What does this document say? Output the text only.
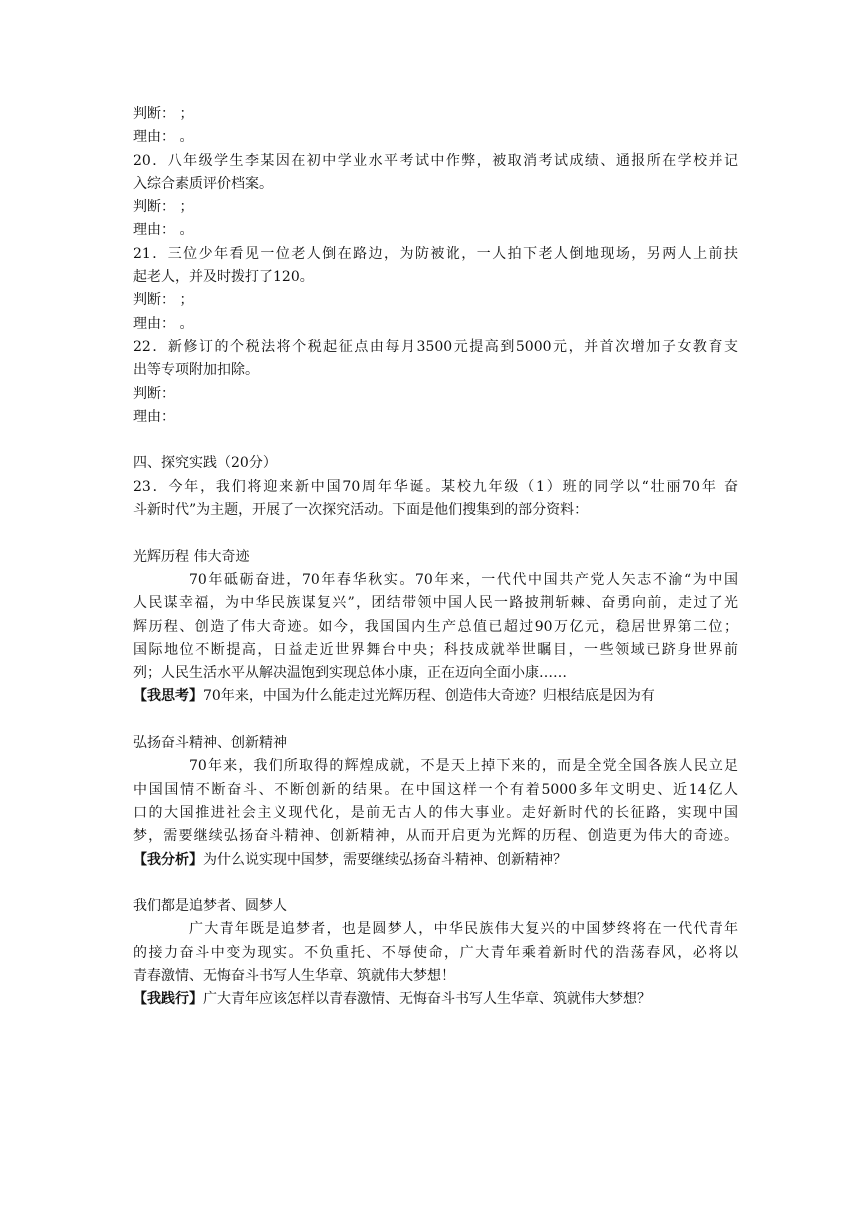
判断： ；
理由： 。
20．八年级学生李某因在初中学业水平考试中作弊，被取消考试成绩、通报所在学校并记
入综合素质评价档案。
判断： ；
理由： 。
21．三位少年看见一位老人倒在路边，为防被讹，一人拍下老人倒地现场，另两人上前扶
起老人，并及时拨打了120。
判断： ；
理由： 。
22．新修订的个税法将个税起征点由每月3500元提高到5000元，并首次增加子女教育支
出等专项附加扣除。
判断：
理由：
四、探究实践（20分）
23．今年，我们将迎来新中国70周年华诞。某校九年级（1）班的同学以“壮丽70年 奋
斗新时代”为主题，开展了一次探究活动。下面是他们搜集到的部分资料：
光辉历程 伟大奇迹
70年砥砺奋进，70年春华秋实。70年来，一代代中国共产党人矢志不渝“为中国
人民谋幸福，为中华民族谋复兴”，团结带领中国人民一路披荆斩棘、奋勇向前，走过了光
辉历程、创造了伟大奇迹。如今，我国国内生产总值已超过90万亿元，稳居世界第二位；
国际地位不断提高，日益走近世界舞台中央；科技成就举世瞩目，一些领域已跻身世界前
列；人民生活水平从解决温饱到实现总体小康，正在迈向全面小康……
【我思考】70年来，中国为什么能走过光辉历程、创造伟大奇迹？归根结底是因为有
弘扬奋斗精神、创新精神
70年来，我们所取得的辉煌成就，不是天上掉下来的，而是全党全国各族人民立足
中国国情不断奋斗、不断创新的结果。在中国这样一个有着5000多年文明史、近14亿人
口的大国推进社会主义现代化，是前无古人的伟大事业。走好新时代的长征路，实现中国
梦，需要继续弘扬奋斗精神、创新精神，从而开启更为光辉的历程、创造更为伟大的奇迹。
【我分析】为什么说实现中国梦，需要继续弘扬奋斗精神、创新精神？
我们都是追梦者、圆梦人
广大青年既是追梦者，也是圆梦人，中华民族伟大复兴的中国梦终将在一代代青年
的接力奋斗中变为现实。不负重托、不辱使命，广大青年乘着新时代的浩荡春风，必将以
青春激情、无悔奋斗书写人生华章、筑就伟大梦想！
【我践行】广大青年应该怎样以青春激情、无悔奋斗书写人生华章、筑就伟大梦想？
